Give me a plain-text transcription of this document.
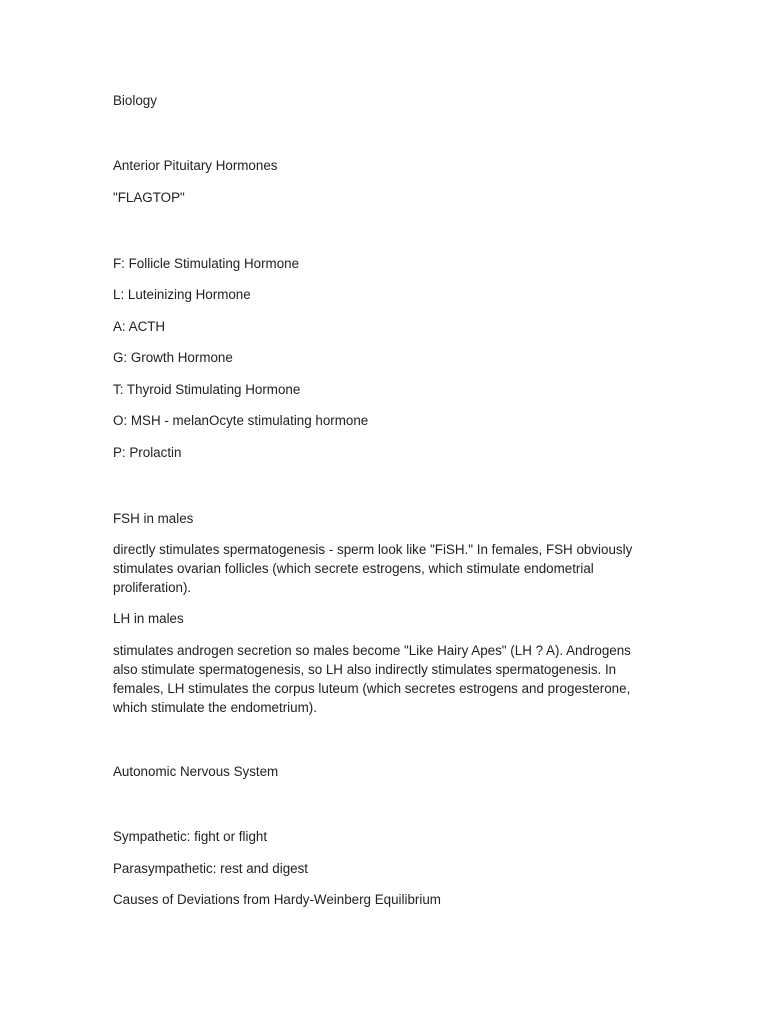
Biology

Anterior Pituitary Hormones

"FLAGTOP"

F: Follicle Stimulating Hormone

L: Luteinizing Hormone

A: ACTH

G: Growth Hormone

T: Thyroid Stimulating Hormone

O: MSH - melanOcyte stimulating hormone

P: Prolactin

FSH in males

directly stimulates spermatogenesis - sperm look like "FiSH." In females, FSH obviously stimulates ovarian follicles (which secrete estrogens, which stimulate endometrial proliferation).

LH in males

stimulates androgen secretion so males become "Like Hairy Apes" (LH ? A). Androgens also stimulate spermatogenesis, so LH also indirectly stimulates spermatogenesis. In females, LH stimulates the corpus luteum (which secretes estrogens and progesterone, which stimulate the endometrium).

Autonomic Nervous System

Sympathetic: fight or flight

Parasympathetic: rest and digest

Causes of Deviations from Hardy-Weinberg Equilibrium
